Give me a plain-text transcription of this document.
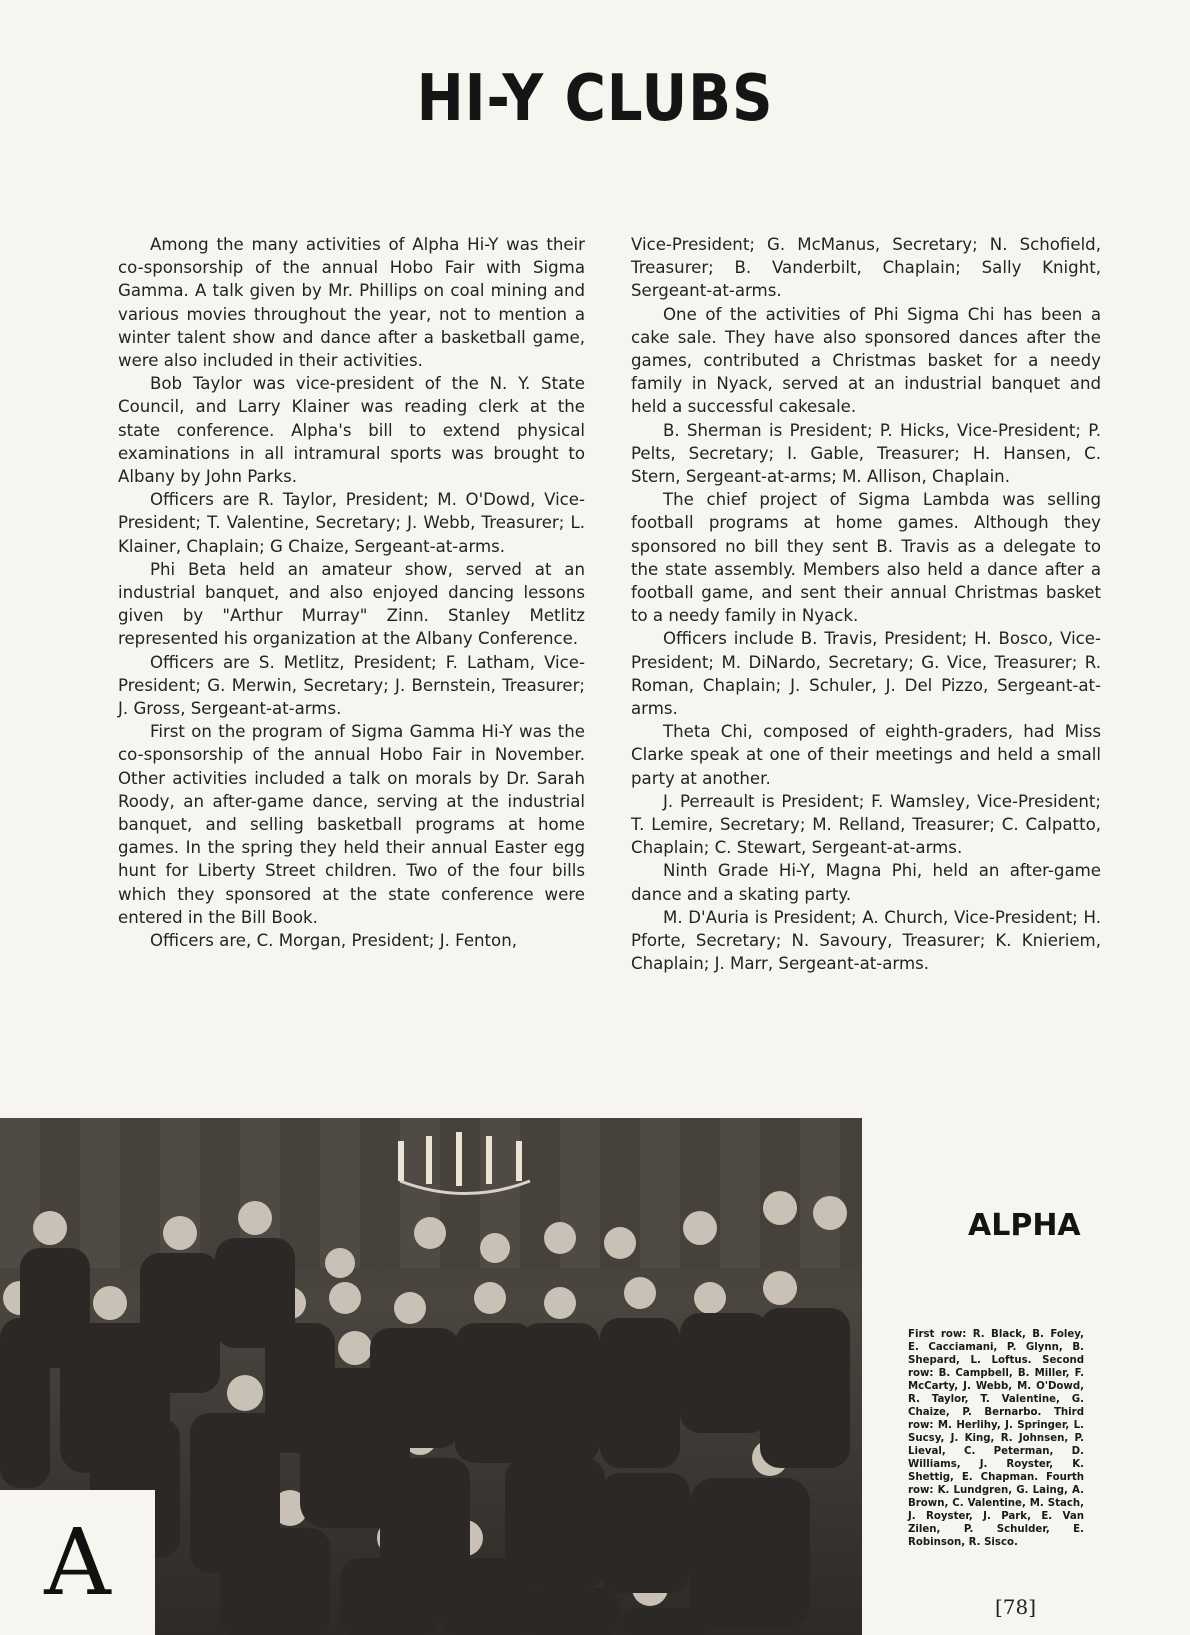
HI-Y CLUBS

Among the many activities of Alpha Hi-Y was their co-sponsorship of the annual Hobo Fair with Sigma Gamma. A talk given by Mr. Phillips on coal mining and various movies throughout the year, not to mention a winter talent show and dance after a basketball game, were also included in their activities.

Bob Taylor was vice-president of the N. Y. State Council, and Larry Klainer was reading clerk at the state conference. Alpha's bill to extend physical examinations in all intramural sports was brought to Albany by John Parks.

Officers are R. Taylor, President; M. O'Dowd, Vice-President; T. Valentine, Secretary; J. Webb, Treasurer; L. Klainer, Chaplain; G Chaize, Sergeant-at-arms.

Phi Beta held an amateur show, served at an industrial banquet, and also enjoyed dancing lessons given by "Arthur Murray" Zinn. Stanley Metlitz represented his organization at the Albany Conference.

Officers are S. Metlitz, President; F. Latham, Vice-President; G. Merwin, Secretary; J. Bernstein, Treasurer; J. Gross, Sergeant-at-arms.

First on the program of Sigma Gamma Hi-Y was the co-sponsorship of the annual Hobo Fair in November. Other activities included a talk on morals by Dr. Sarah Roody, an after-game dance, serving at the industrial banquet, and selling basketball programs at home games. In the spring they held their annual Easter egg hunt for Liberty Street children. Two of the four bills which they sponsored at the state conference were entered in the Bill Book.

Officers are, C. Morgan, President; J. Fenton,

Vice-President; G. McManus, Secretary; N. Schofield, Treasurer; B. Vanderbilt, Chaplain; Sally Knight, Sergeant-at-arms.

One of the activities of Phi Sigma Chi has been a cake sale. They have also sponsored dances after the games, contributed a Christmas basket for a needy family in Nyack, served at an industrial banquet and held a successful cakesale.

B. Sherman is President; P. Hicks, Vice-President; P. Pelts, Secretary; I. Gable, Treasurer; H. Hansen, C. Stern, Sergeant-at-arms; M. Allison, Chaplain.

The chief project of Sigma Lambda was selling football programs at home games. Although they sponsored no bill they sent B. Travis as a delegate to the state assembly. Members also held a dance after a football game, and sent their annual Christmas basket to a needy family in Nyack.

Officers include B. Travis, President; H. Bosco, Vice-President; M. DiNardo, Secretary; G. Vice, Treasurer; R. Roman, Chaplain; J. Schuler, J. Del Pizzo, Sergeant-at-arms.

Theta Chi, composed of eighth-graders, had Miss Clarke speak at one of their meetings and held a small party at another.

J. Perreault is President; F. Wamsley, Vice-President; T. Lemire, Secretary; M. Relland, Treasurer; C. Calpatto, Chaplain; C. Stewart, Sergeant-at-arms.

Ninth Grade Hi-Y, Magna Phi, held an after-game dance and a skating party.

M. D'Auria is President; A. Church, Vice-President; H. Pforte, Secretary; N. Savoury, Treasurer; K. Knieriem, Chaplain; J. Marr, Sergeant-at-arms.

A
ALPHA
First row: R. Black, B. Foley, E. Cacciamani, P. Glynn, B. Shepard, L. Loftus. Second row: B. Campbell, B. Miller, F. McCarty, J. Webb, M. O'Dowd, R. Taylor, T. Valentine, G. Chaize, P. Bernarbo. Third row: M. Herlihy, J. Springer, L. Sucsy, J. King, R. Johnsen, P. Lieval, C. Peterman, D. Williams, J. Royster, K. Shettig, E. Chapman. Fourth row: K. Lundgren, G. Laing, A. Brown, C. Valentine, M. Stach, J. Royster, J. Park, E. Van Zilen, P. Schulder, E. Robinson, R. Sisco.
[78]
